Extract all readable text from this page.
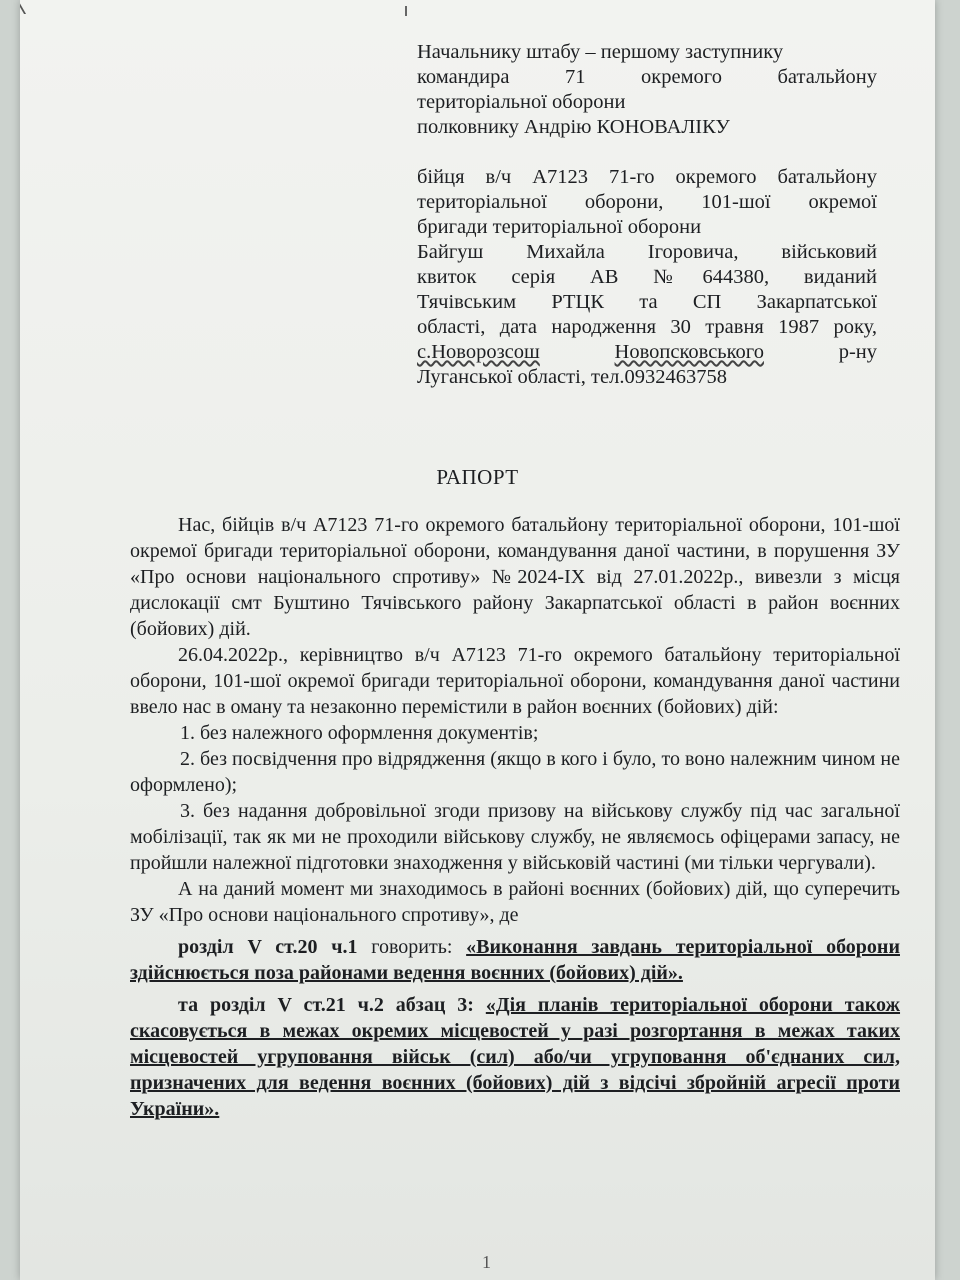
Начальнику штабу – першому заступнику

командира 71 окремого батальйону

територіальної оборони

полковнику Андрію КОНОВАЛІКУ

бійця в/ч А7123 71-го окремого батальйону

територіальної оборони, 101-шої окремої

бригади територіальної оборони

Байгуш Михайла Ігоровича, військовий

квиток серія АВ №644380, виданий

Тячівським РТЦК та СП Закарпатської

області, дата народження 30 травня 1987 року,

с.Новорозсош	Новопсковського	р-ну

Луганської області, тел.0932463758

РАПОРТ

Нас, бійців в/ч А7123 71-го окремого батальйону територіальної оборони, 101-шої окремої бригади територіальної оборони, командування даної частини, в порушення ЗУ «Про основи національного спротиву» №2024-IX від 27.01.2022р., вивезли з місця дислокації смт Буштино Тячівського району Закарпатської області в район воєнних (бойових) дій.

26.04.2022р., керівництво в/ч А7123 71-го окремого батальйону територіальної оборони, 101-шої окремої бригади територіальної оборони, командування даної частини ввело нас в оману та незаконно перемістили в район воєнних (бойових) дій:

1. без належного оформлення документів;

2. без посвідчення про відрядження (якщо в кого і було, то воно належним чином не оформлено);

3. без надання добровільної згоди призову на військову службу під час загальної мобілізації, так як ми не проходили військову службу, не являємось офіцерами запасу, не пройшли належної підготовки знаходження у військовій частині (ми тільки чергували).

А на даний момент ми знаходимось в районі воєнних (бойових) дій, що суперечить ЗУ «Про основи національного спротиву», де

розділ V ст.20 ч.1 говорить: «Виконання завдань територіальної оборони здійснюється поза районами ведення воєнних (бойових) дій».

та розділ V ст.21 ч.2 абзац 3: «Дія планів територіальної оборони також скасовується в межах окремих місцевостей у разі розгортання в межах таких місцевостей угруповання військ (сил) або/чи угруповання об'єднаних сил, призначених для ведення воєнних (бойових) дій з відсічі збройній агресії проти України».

1
